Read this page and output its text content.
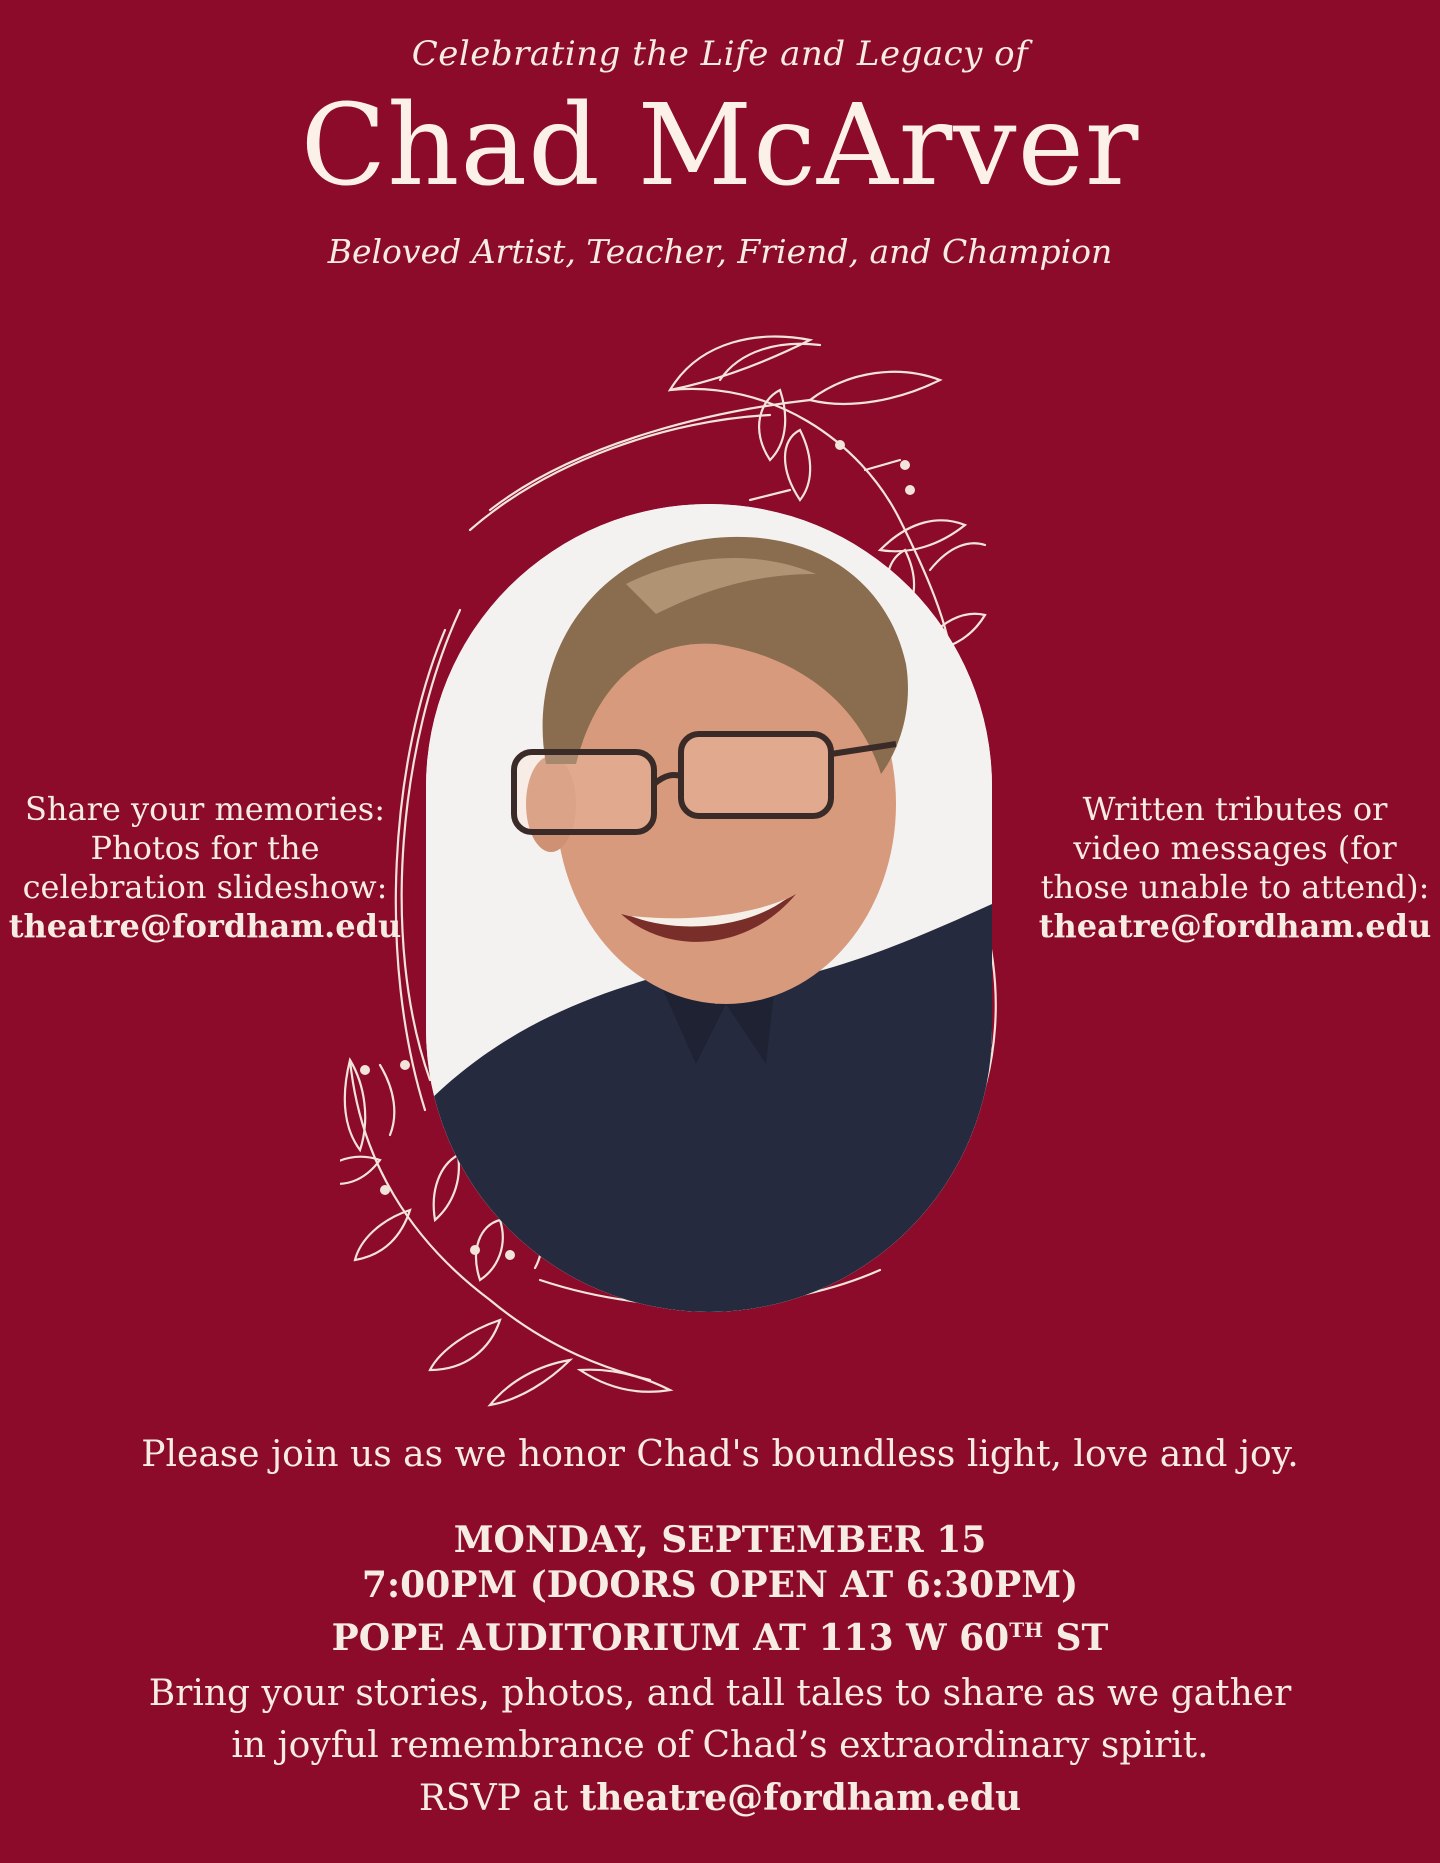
Celebrating the Life and Legacy of
Chad McArver
Beloved Artist, Teacher, Friend, and Champion
Share your memories:
Photos for the
celebration slideshow:
theatre@fordham.edu
Written tributes or
video messages (for
those unable to attend):
theatre@fordham.edu
Please join us as we honor Chad's boundless light, love and joy.
MONDAY, SEPTEMBER 15
7:00PM (DOORS OPEN AT 6:30PM)
POPE AUDITORIUM AT 113 W 60TH ST
Bring your stories, photos, and tall tales to share as we gather
in joyful remembrance of Chad’s extraordinary spirit.
RSVP at theatre@fordham.edu
